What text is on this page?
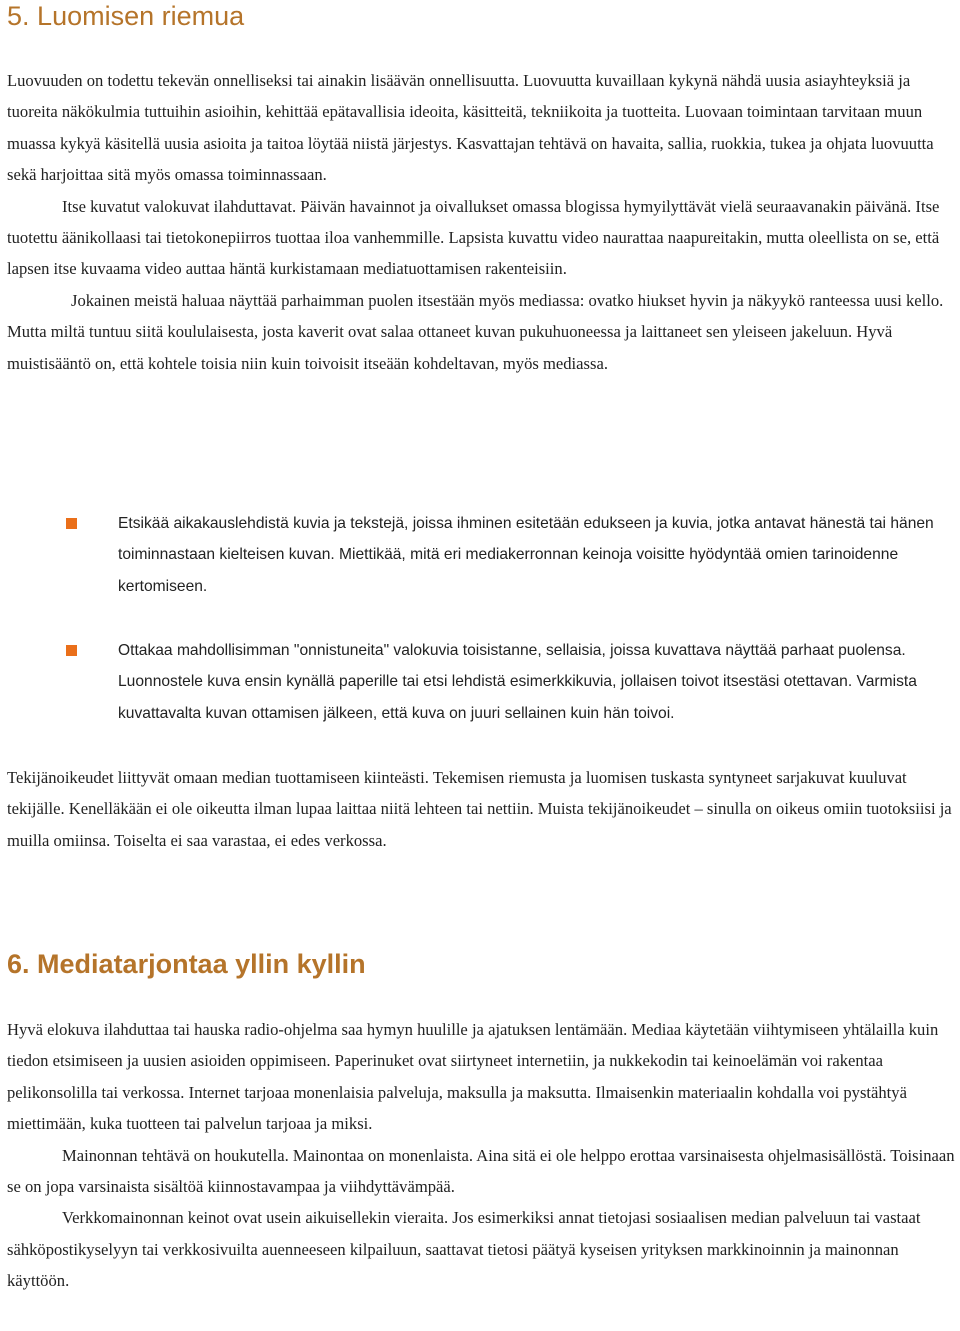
5. Luomisen riemua

Luovuuden on todettu tekevän onnelliseksi tai ainakin lisäävän onnellisuutta. Luovuutta kuvaillaan kykynä nähdä uusia asiayhteyksiä ja tuoreita näkökulmia tuttuihin asioihin, kehittää epätavallisia ideoita, käsitteitä, tekniikoita ja tuotteita. Luovaan toimintaan tarvitaan muun muassa kykyä käsitellä uusia asioita ja taitoa löytää niistä järjestys. Kasvattajan tehtävä on havaita, sallia, ruokkia, tukea ja ohjata luovuutta sekä harjoittaa sitä myös omassa toiminnassaan.

Itse kuvatut valokuvat ilahduttavat. Päivän havainnot ja oivallukset omassa blogissa hymyilyttävät vielä seuraavanakin päivänä. Itse tuotettu äänikollaasi tai tietokonepiirros tuottaa iloa vanhemmille. Lapsista kuvattu video naurattaa naapureitakin, mutta oleellista on se, että lapsen itse kuvaama video auttaa häntä kurkistamaan mediatuottamisen rakenteisiin.

Jokainen meistä haluaa näyttää parhaimman puolen itsestään myös mediassa: ovatko hiukset hyvin ja näkyykö ranteessa uusi kello. Mutta miltä tuntuu siitä koululaisesta, josta kaverit ovat salaa ottaneet kuvan pukuhuoneessa ja laittaneet sen yleiseen jakeluun. Hyvä muistisääntö on, että kohtele toisia niin kuin toivoisit itseään kohdeltavan, myös mediassa.

Etsikää aikakauslehdistä kuvia ja tekstejä, joissa ihminen esitetään edukseen ja kuvia, jotka antavat hänestä tai hänen toiminnastaan kielteisen kuvan. Miettikää, mitä eri mediakerronnan keinoja voisitte hyödyntää omien tarinoidenne kertomiseen.
Ottakaa mahdollisimman "onnistuneita" valokuvia toisistanne, sellaisia, joissa kuvattava näyttää parhaat puolensa. Luonnostele kuva ensin kynällä paperille tai etsi lehdistä esimerkkikuvia, jollaisen toivot itsestäsi otettavan. Varmista kuvattavalta kuvan ottamisen jälkeen, että kuva on juuri sellainen kuin hän toivoi.

Tekijänoikeudet liittyvät omaan median tuottamiseen kiinteästi. Tekemisen riemusta ja luomisen tuskasta syntyneet sarjakuvat kuuluvat tekijälle. Kenelläkään ei ole oikeutta ilman lupaa laittaa niitä lehteen tai nettiin. Muista tekijänoikeudet – sinulla on oikeus omiin tuotoksiisi ja muilla omiinsa. Toiselta ei saa varastaa, ei edes verkossa.

6. Mediatarjontaa yllin kyllin

Hyvä elokuva ilahduttaa tai hauska radio-ohjelma saa hymyn huulille ja ajatuksen lentämään. Mediaa käytetään viihtymiseen yhtälailla kuin tiedon etsimiseen ja uusien asioiden oppimiseen. Paperinuket ovat siirtyneet internetiin, ja nukkekodin tai keinoelämän voi rakentaa pelikonsolilla tai verkossa. Internet tarjoaa monenlaisia palveluja, maksulla ja maksutta. Ilmaisenkin materiaalin kohdalla voi pystähtyä miettimään, kuka tuotteen tai palvelun tarjoaa ja miksi.

Mainonnan tehtävä on houkutella. Mainontaa on monenlaista. Aina sitä ei ole helppo erottaa varsinaisesta ohjelmasisällöstä. Toisinaan se on jopa varsinaista sisältöä kiinnostavampaa ja viihdyttävämpää.

Verkkomainonnan keinot ovat usein aikuisellekin vieraita. Jos esimerkiksi annat tietojasi sosiaalisen median palveluun tai vastaat sähköpostikyselyyn tai verkkosivuilta auenneeseen kilpailuun, saattavat tietosi päätyä kyseisen yrityksen markkinoinnin ja mainonnan käyttöön.
